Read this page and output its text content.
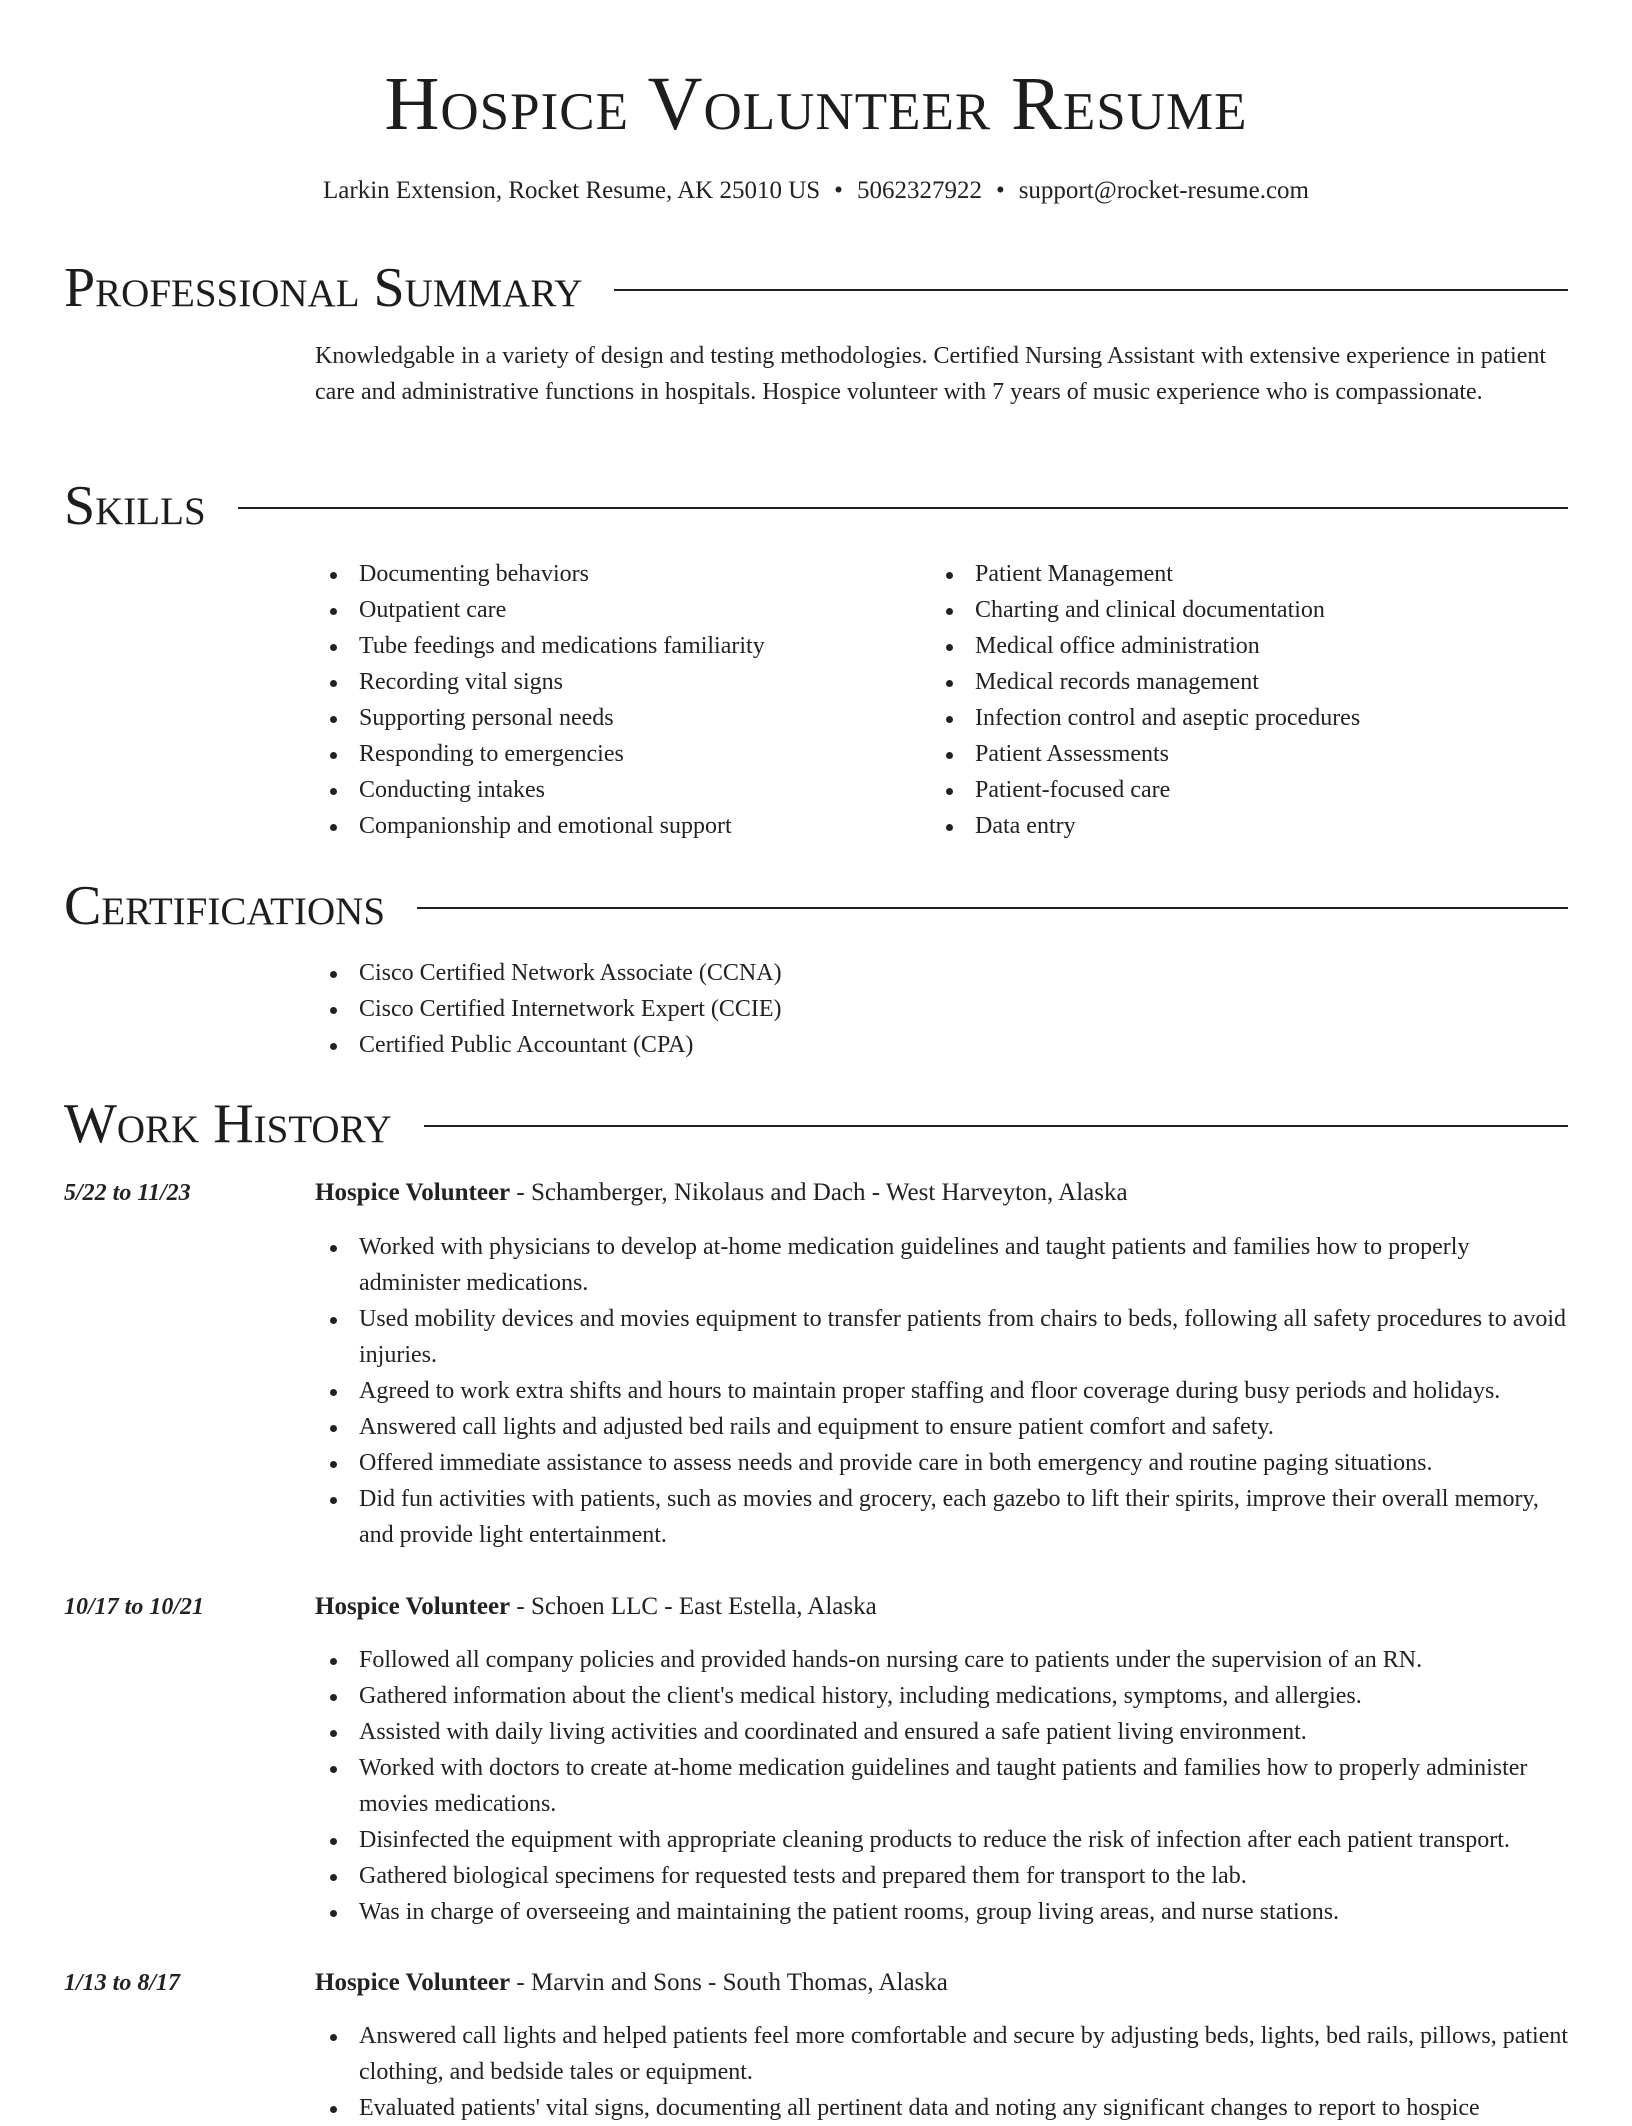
Hospice Volunteer Resume
Larkin Extension, Rocket Resume, AK 25010 US • 5062327922 • support@rocket-resume.com
Professional Summary

Knowledgable in a variety of design and testing methodologies. Certified Nursing Assistant with extensive experience in patient care and administrative functions in hospitals. Hospice volunteer with 7 years of music experience who is compassionate.

Skills
Documenting behaviors
Outpatient care
Tube feedings and medications familiarity
Recording vital signs
Supporting personal needs
Responding to emergencies
Conducting intakes
Companionship and emotional support
Patient Management
Charting and clinical documentation
Medical office administration
Medical records management
Infection control and aseptic procedures
Patient Assessments
Patient-focused care
Data entry
Certifications
Cisco Certified Network Associate (CCNA)
Cisco Certified Internetwork Expert (CCIE)
Certified Public Accountant (CPA)
Work History
5/22 to 11/23	Hospice Volunteer - Schamberger, Nikolaus and Dach - West Harveyton, Alaska
Worked with physicians to develop at-home medication guidelines and taught patients and families how to properly administer medications.
Used mobility devices and movies equipment to transfer patients from chairs to beds, following all safety procedures to avoid injuries.
Agreed to work extra shifts and hours to maintain proper staffing and floor coverage during busy periods and holidays.
Answered call lights and adjusted bed rails and equipment to ensure patient comfort and safety.
Offered immediate assistance to assess needs and provide care in both emergency and routine paging situations.
Did fun activities with patients, such as movies and grocery, each gazebo to lift their spirits, improve their overall memory, and provide light entertainment.
10/17 to 10/21	Hospice Volunteer - Schoen LLC - East Estella, Alaska
Followed all company policies and provided hands-on nursing care to patients under the supervision of an RN.
Gathered information about the client's medical history, including medications, symptoms, and allergies.
Assisted with daily living activities and coordinated and ensured a safe patient living environment.
Worked with doctors to create at-home medication guidelines and taught patients and families how to properly administer movies medications.
Disinfected the equipment with appropriate cleaning products to reduce the risk of infection after each patient transport.
Gathered biological specimens for requested tests and prepared them for transport to the lab.
Was in charge of overseeing and maintaining the patient rooms, group living areas, and nurse stations.
1/13 to 8/17	Hospice Volunteer - Marvin and Sons - South Thomas, Alaska
Answered call lights and helped patients feel more comfortable and secure by adjusting beds, lights, bed rails, pillows, patient clothing, and bedside tales or equipment.
Evaluated patients' vital signs, documenting all pertinent data and noting any significant changes to report to hospice
